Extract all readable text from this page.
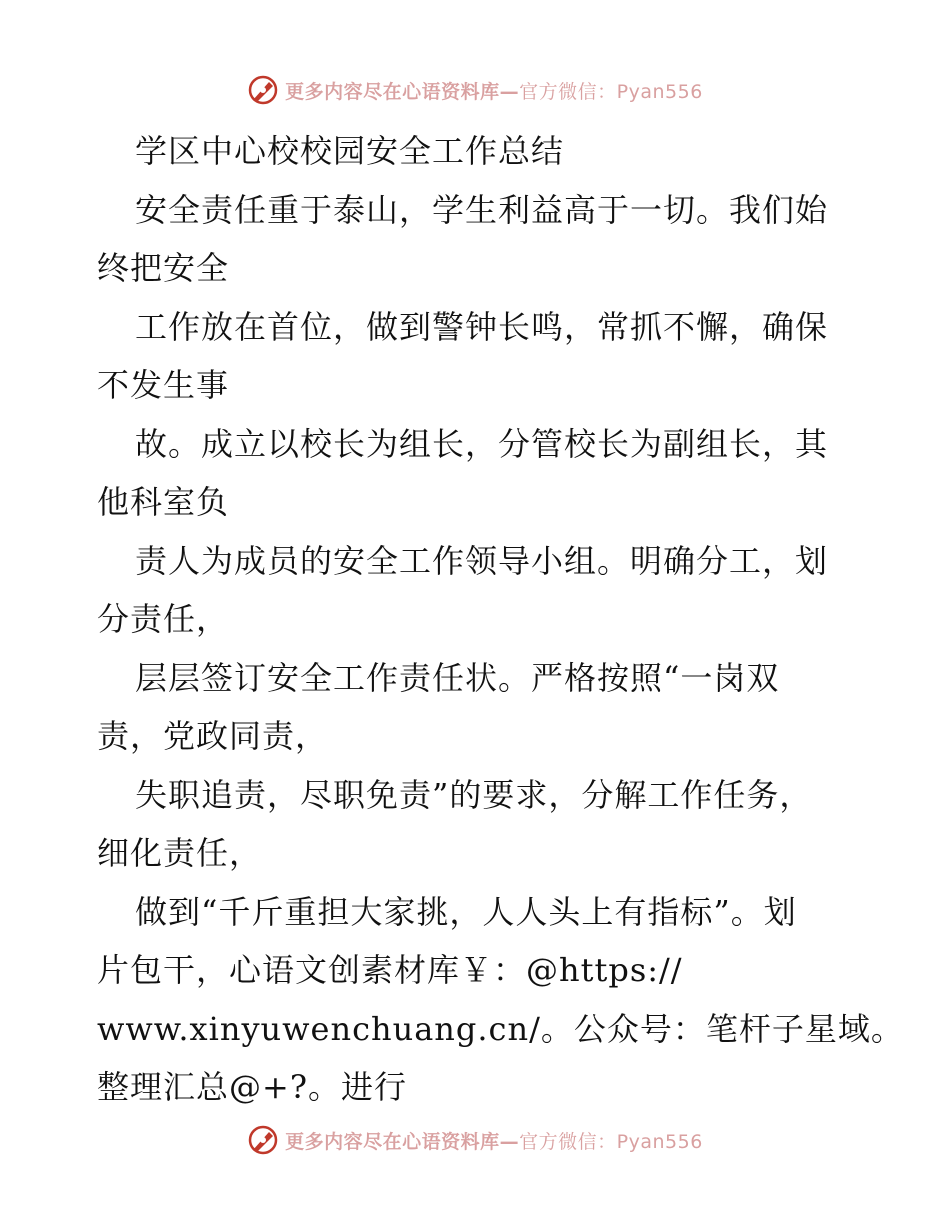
更多内容尽在心语资料库—官方微信：Pyan556
学区中心校校园安全工作总结
安全责任重于泰山，学生利益高于一切。我们始
终把安全
工作放在首位，做到警钟长鸣，常抓不懈，确保
不发生事
故。成立以校长为组长，分管校长为副组长，其
他科室负
责人为成员的安全工作领导小组。明确分工，划
分责任，
层层签订安全工作责任状。严格按照“一岗双
责，党政同责，
失职追责，尽职免责”的要求，分解工作任务，
细化责任，
做到“千斤重担大家挑，人人头上有指标”。划
片包干，心语文创素材库￥：@https://
www.xinyuwenchuang.cn/。公众号：笔杆子星域。
整理汇总@+?。进行
更多内容尽在心语资料库—官方微信：Pyan556
